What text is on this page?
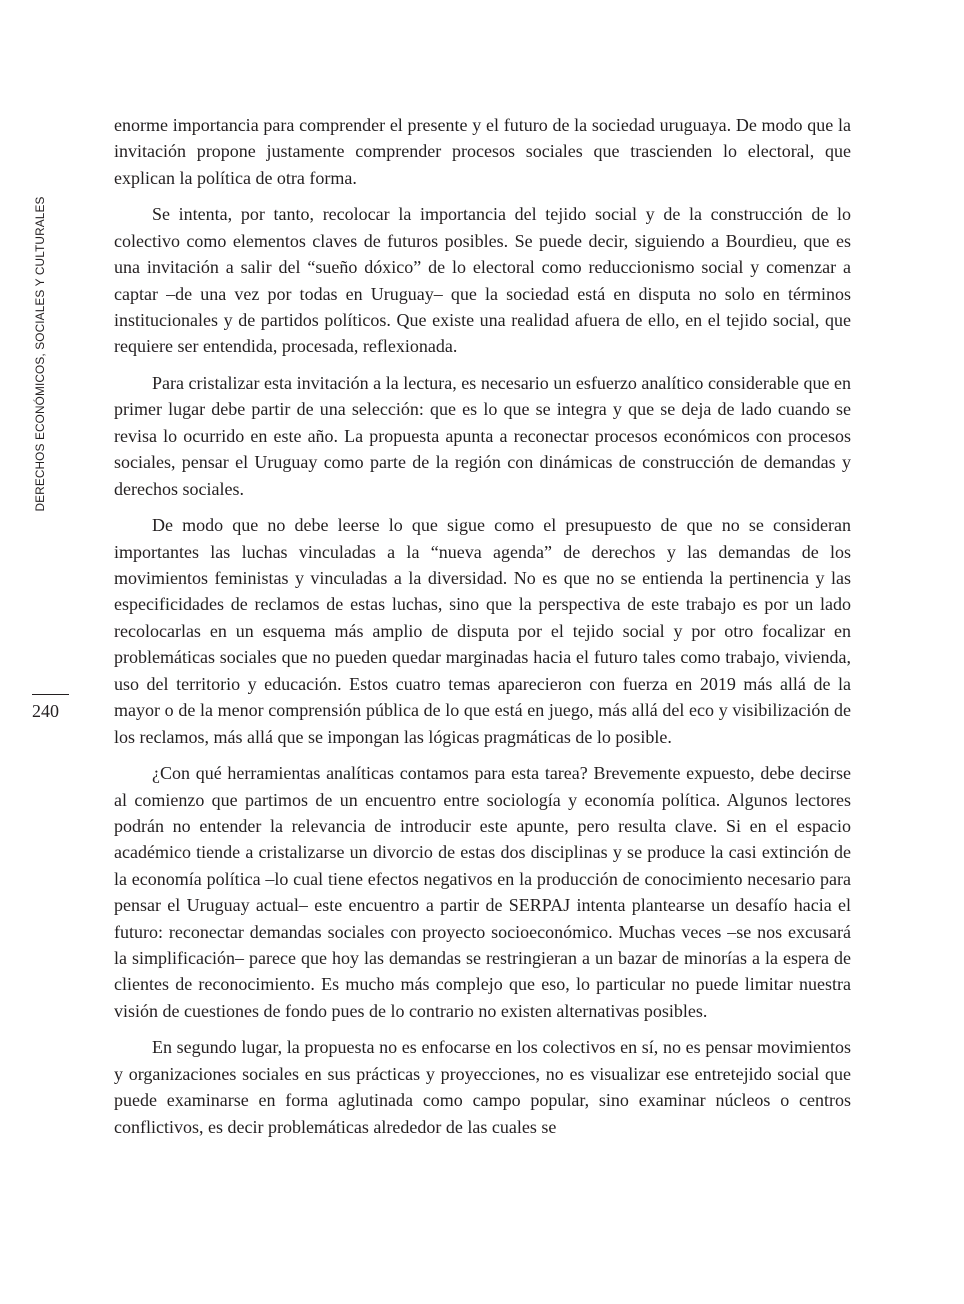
DERECHOS ECONÓMICOS, SOCIALES Y CULTURALES
240

enorme importancia para comprender el presente y el futuro de la sociedad uruguaya. De modo que la invitación propone justamente comprender procesos sociales que trascienden lo electoral, que explican la política de otra forma.

Se intenta, por tanto, recolocar la importancia del tejido social y de la construcción de lo colectivo como elementos claves de futuros posibles. Se puede decir, siguiendo a Bourdieu, que es una invitación a salir del “sueño dóxico” de lo electoral como reduccionismo social y comenzar a captar –de una vez por todas en Uruguay– que la sociedad está en disputa no solo en términos institucionales y de partidos políticos. Que existe una realidad afuera de ello, en el tejido social, que requiere ser entendida, procesada, reflexionada.

Para cristalizar esta invitación a la lectura, es necesario un esfuerzo analítico considerable que en primer lugar debe partir de una selección: que es lo que se integra y que se deja de lado cuando se revisa lo ocurrido en este año. La propuesta apunta a reconectar procesos económicos con procesos sociales, pensar el Uruguay como parte de la región con dinámicas de construcción de demandas y derechos sociales.

De modo que no debe leerse lo que sigue como el presupuesto de que no se consideran importantes las luchas vinculadas a la “nueva agenda” de derechos y las demandas de los movimientos feministas y vinculadas a la diversidad. No es que no se entienda la pertinencia y las especificidades de reclamos de estas luchas, sino que la perspectiva de este trabajo es por un lado recolocarlas en un esquema más amplio de disputa por el tejido social y por otro focalizar en problemáticas sociales que no pueden quedar marginadas hacia el futuro tales como trabajo, vivienda, uso del territorio y educación. Estos cuatro temas aparecieron con fuerza en 2019 más allá de la mayor o de la menor comprensión pública de lo que está en juego, más allá del eco y visibilización de los reclamos, más allá que se impongan las lógicas pragmáticas de lo posible.

¿Con qué herramientas analíticas contamos para esta tarea? Brevemente expuesto, debe decirse al comienzo que partimos de un encuentro entre sociología y economía política. Algunos lectores podrán no entender la relevancia de introducir este apunte, pero resulta clave. Si en el espacio académico tiende a cristalizarse un divorcio de estas dos disciplinas y se produce la casi extinción de la economía política –lo cual tiene efectos negativos en la producción de conocimiento necesario para pensar el Uruguay actual– este encuentro a partir de SERPAJ intenta plantearse un desafío hacia el futuro: reconectar demandas sociales con proyecto socioeconómico. Muchas veces –se nos excusará la simplificación– parece que hoy las demandas se restringieran a un bazar de minorías a la espera de clientes de reconocimiento. Es mucho más complejo que eso, lo particular no puede limitar nuestra visión de cuestiones de fondo pues de lo contrario no existen alternativas posibles.

En segundo lugar, la propuesta no es enfocarse en los colectivos en sí, no es pensar movimientos y organizaciones sociales en sus prácticas y proyecciones, no es visualizar ese entretejido social que puede examinarse en forma aglutinada como campo popular, sino examinar núcleos o centros conflictivos, es decir problemáticas alrededor de las cuales se
